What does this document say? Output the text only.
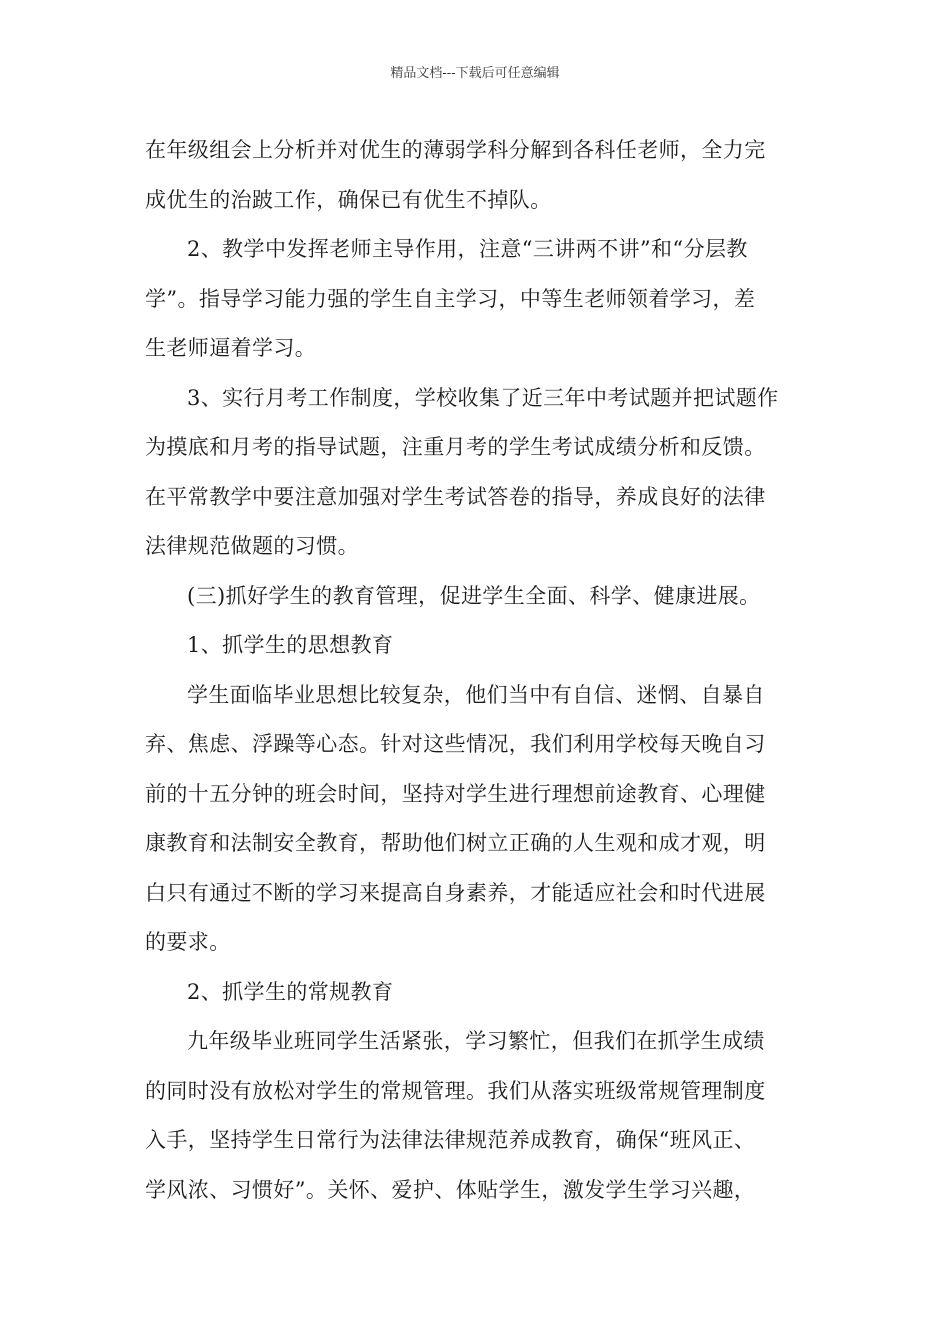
精品文档---下载后可任意编辑

在年级组会上分析并对优生的薄弱学科分解到各科任老师，全力完
成优生的治跛工作，确保已有优生不掉队。

2、教学中发挥老师主导作用，注意“三讲两不讲”和“分层教
学”。指导学习能力强的学生自主学习，中等生老师领着学习，差
生老师逼着学习。

3、实行月考工作制度，学校收集了近三年中考试题并把试题作
为摸底和月考的指导试题，注重月考的学生考试成绩分析和反馈。
在平常教学中要注意加强对学生考试答卷的指导，养成良好的法律
法律规范做题的习惯。

(三)抓好学生的教育管理，促进学生全面、科学、健康进展。

1、抓学生的思想教育

学生面临毕业思想比较复杂，他们当中有自信、迷惘、自暴自
弃、焦虑、浮躁等心态。针对这些情况，我们利用学校每天晚自习
前的十五分钟的班会时间，坚持对学生进行理想前途教育、心理健
康教育和法制安全教育，帮助他们树立正确的人生观和成才观，明
白只有通过不断的学习来提高自身素养，才能适应社会和时代进展
的要求。

2、抓学生的常规教育

九年级毕业班同学生活紧张，学习繁忙，但我们在抓学生成绩
的同时没有放松对学生的常规管理。我们从落实班级常规管理制度
入手，坚持学生日常行为法律法律规范养成教育，确保“班风正、
学风浓、习惯好”。关怀、爱护、体贴学生，激发学生学习兴趣，
